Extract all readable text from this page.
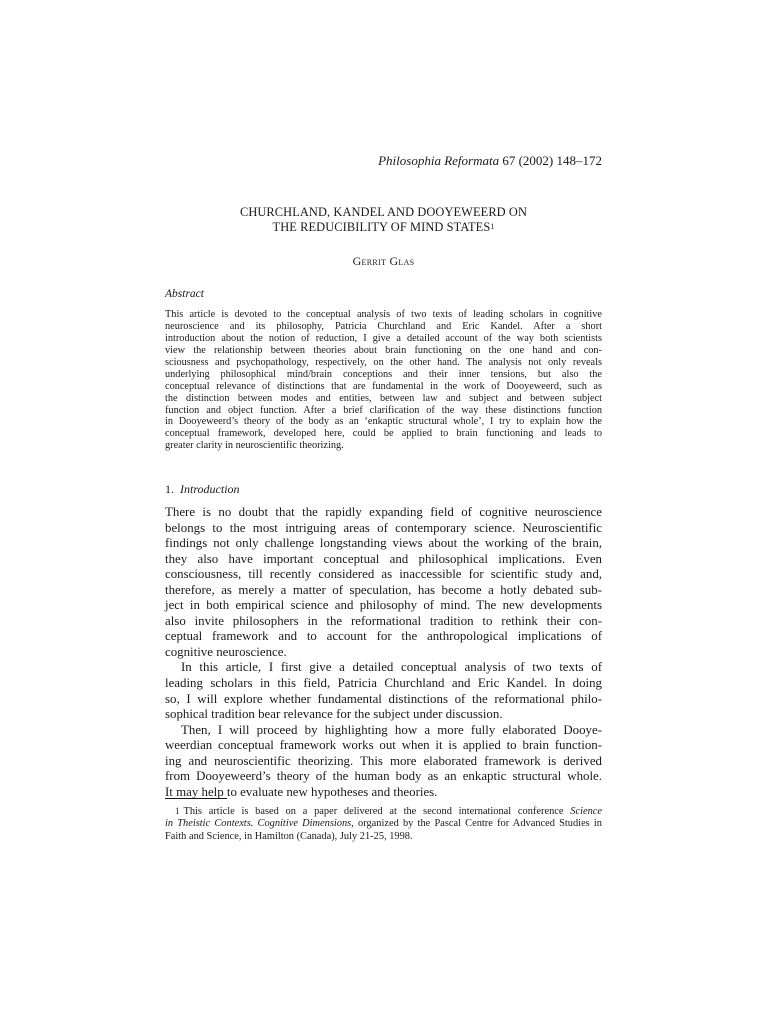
Philosophia Reformata 67 (2002) 148–172
CHURCHLAND, KANDEL AND DOOYEWEERD ON
THE REDUCIBILITY OF MIND STATES$^1$
Gerrit Glas
Abstract
This article is devoted to the conceptual analysis of two texts of leading scholars in cognitive
neuroscience and its philosophy, Patricia Churchland and Eric Kandel. After a short
introduction about the notion of reduction, I give a detailed account of the way both scientists
view the relationship between theories about brain functioning on the one hand and con-
sciousness and psychopathology, respectively, on the other hand. The analysis not only reveals
underlying philosophical mind/brain conceptions and their inner tensions, but also the
conceptual relevance of distinctions that are fundamental in the work of Dooyeweerd, such as
the distinction between modes and entities, between law and subject and between subject
function and object function. After a brief clarification of the way these distinctions function
in Dooyeweerd’s theory of the body as an ‘enkaptic structural whole’, I try to explain how the
conceptual framework, developed here, could be applied to brain functioning and leads to
greater clarity in neuroscientific theorizing.
1. Introduction
There is no doubt that the rapidly expanding field of cognitive neuroscience
belongs to the most intriguing areas of contemporary science. Neuroscientific
findings not only challenge longstanding views about the working of the brain,
they also have important conceptual and philosophical implications. Even
consciousness, till recently considered as inaccessible for scientific study and,
therefore, as merely a matter of speculation, has become a hotly debated sub-
ject in both empirical science and philosophy of mind. The new developments
also invite philosophers in the reformational tradition to rethink their con-
ceptual framework and to account for the anthropological implications of
cognitive neuroscience.
In this article, I first give a detailed conceptual analysis of two texts of
leading scholars in this field, Patricia Churchland and Eric Kandel. In doing
so, I will explore whether fundamental distinctions of the reformational philo-
sophical tradition bear relevance for the subject under discussion.
Then, I will proceed by highlighting how a more fully elaborated Dooye-
weerdian conceptual framework works out when it is applied to brain function-
ing and neuroscientific theorizing. This more elaborated framework is derived
from Dooyeweerd’s theory of the human body as an enkaptic structural whole.
It may help to evaluate new hypotheses and theories.
1 This article is based on a paper delivered at the second international conference Science
in Theistic Contexts. Cognitive Dimensions, organized by the Pascal Centre for Advanced Studies in
Faith and Science, in Hamilton (Canada), July 21-25, 1998.
